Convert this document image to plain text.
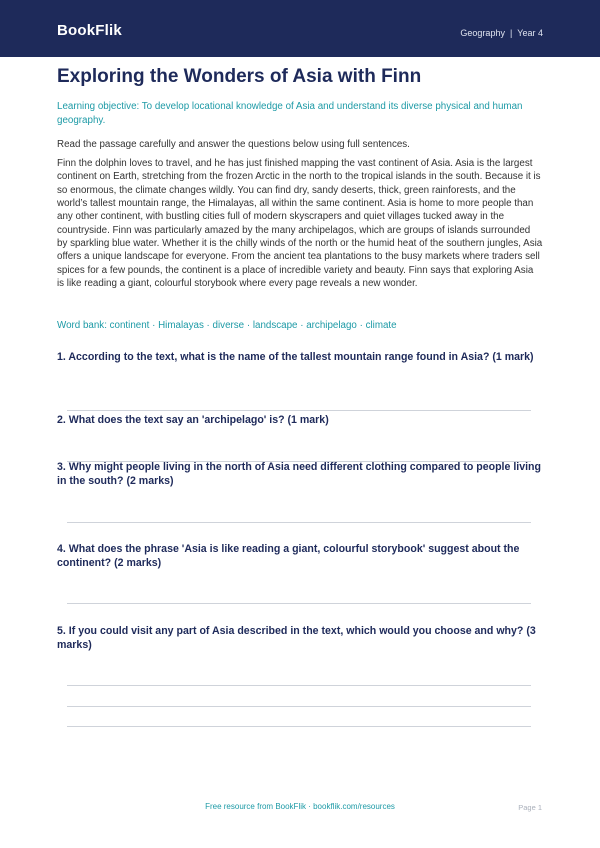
BookFlik	Geography | Year 4
Exploring the Wonders of Asia with Finn

Learning objective: To develop locational knowledge of Asia and understand its diverse physical and human geography.

Read the passage carefully and answer the questions below using full sentences.

Finn the dolphin loves to travel, and he has just finished mapping the vast continent of Asia. Asia is the largest continent on Earth, stretching from the frozen Arctic in the north to the tropical islands in the south. Because it is so enormous, the climate changes wildly. You can find dry, sandy deserts, thick, green rainforests, and the world’s tallest mountain range, the Himalayas, all within the same continent. Asia is home to more people than any other continent, with bustling cities full of modern skyscrapers and quiet villages tucked away in the countryside. Finn was particularly amazed by the many archipelagos, which are groups of islands surrounded by sparkling blue water. Whether it is the chilly winds of the north or the humid heat of the southern jungles, Asia offers a unique landscape for everyone. From the ancient tea plantations to the busy markets where traders sell spices for a few pounds, the continent is a place of incredible variety and beauty. Finn says that exploring Asia is like reading a giant, colourful storybook where every page reveals a new wonder.

Word bank: continent · Himalayas · diverse · landscape · archipelago · climate

1. According to the text, what is the name of the tallest mountain range found in Asia? (1 mark)

2. What does the text say an 'archipelago' is? (1 mark)

3. Why might people living in the north of Asia need different clothing compared to people living in the south? (2 marks)

4. What does the phrase 'Asia is like reading a giant, colourful storybook' suggest about the continent? (2 marks)

5. If you could visit any part of Asia described in the text, which would you choose and why? (3 marks)

Free resource from BookFlik · bookflik.com/resources	Page 1
